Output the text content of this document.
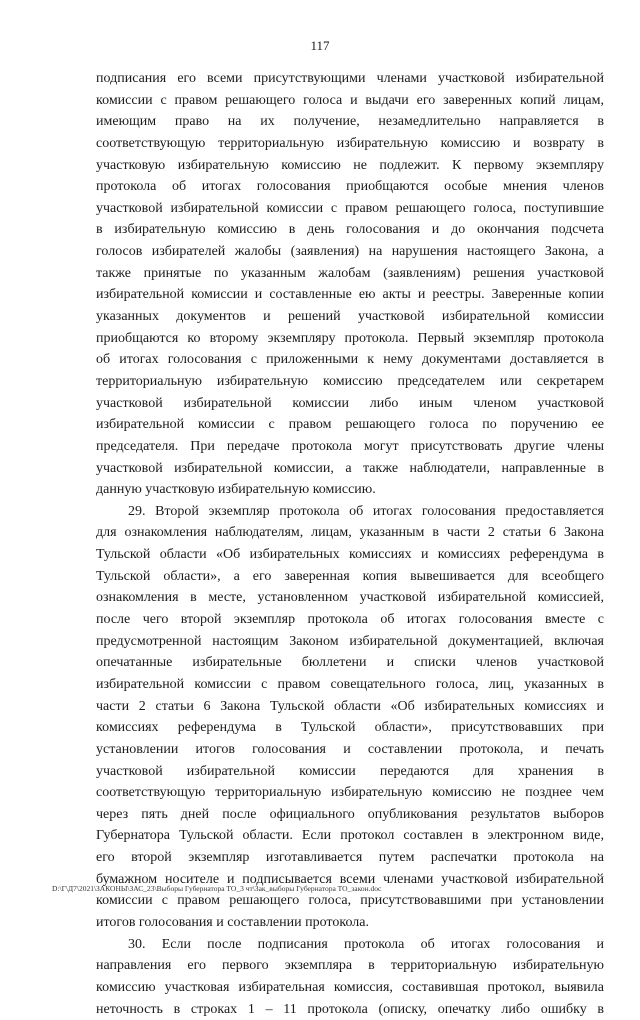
117
подписания его всеми присутствующими членами участковой избирательной
комиссии с правом решающего голоса и выдачи его заверенных копий лицам,
имеющим право на их получение, незамедлительно направляется в
соответствующую территориальную избирательную комиссию и возврату в
участковую избирательную комиссию не подлежит. К первому экземпляру
протокола об итогах голосования приобщаются особые мнения членов
участковой избирательной комиссии с правом решающего голоса, поступившие
в избирательную комиссию в день голосования и до окончания подсчета
голосов избирателей жалобы (заявления) на нарушения настоящего Закона, а
также принятые по указанным жалобам (заявлениям) решения участковой
избирательной комиссии и составленные ею акты и реестры. Заверенные копии
указанных документов и решений участковой избирательной комиссии
приобщаются ко второму экземпляру протокола. Первый экземпляр протокола
об итогах голосования с приложенными к нему документами доставляется в
территориальную избирательную комиссию председателем или секретарем
участковой избирательной комиссии либо иным членом участковой
избирательной комиссии с правом решающего голоса по поручению ее
председателя. При передаче протокола могут присутствовать другие члены
участковой избирательной комиссии, а также наблюдатели, направленные в
данную участковую избирательную комиссию.
29. Второй экземпляр протокола об итогах голосования предоставляется
для ознакомления наблюдателям, лицам, указанным в части 2 статьи 6 Закона
Тульской области «Об избирательных комиссиях и комиссиях референдума в
Тульской области», а его заверенная копия вывешивается для всеобщего
ознакомления в месте, установленном участковой избирательной комиссией,
после чего второй экземпляр протокола об итогах голосования вместе с
предусмотренной настоящим Законом избирательной документацией, включая
опечатанные избирательные бюллетени и списки членов участковой
избирательной комиссии с правом совещательного голоса, лиц, указанных в
части 2 статьи 6 Закона Тульской области «Об избирательных комиссиях и
комиссиях референдума в Тульской области», присутствовавших при
установлении итогов голосования и составлении протокола, и печать
участковой избирательной комиссии передаются для хранения в
соответствующую территориальную избирательную комиссию не позднее чем
через пять дней после официального опубликования результатов выборов
Губернатора Тульской области. Если протокол составлен в электронном виде,
его второй экземпляр изготавливается путем распечатки протокола на
бумажном носителе и подписывается всеми членами участковой избирательной
комиссии с правом решающего голоса, присутствовавшими при установлении
итогов голосования и составлении протокола.
30. Если после подписания протокола об итогах голосования и
направления его первого экземпляра в территориальную избирательную
комиссию участковая избирательная комиссия, составившая протокол, выявила
неточность в строках 1 – 11 протокола (описку, опечатку либо ошибку в
D:\Г\Д7\2021\ЗАКОНЫ\ЗАС_23\Выборы Губернатора ТО_3 чт\Зак_выборы Губернатора ТО_закон.doc
